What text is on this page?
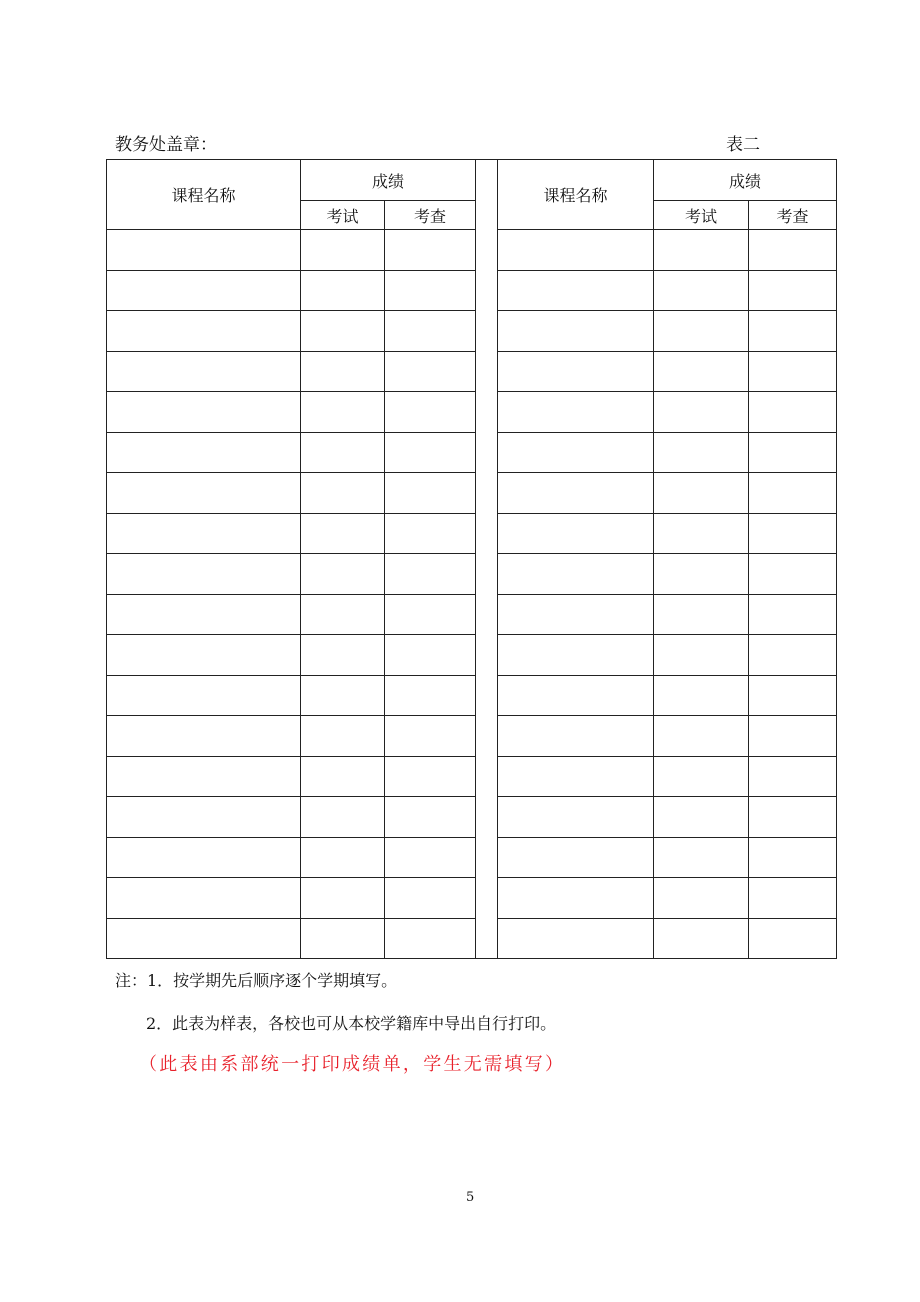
教务处盖章：	表二
课程名称	成绩			课程名称	成绩	
	考试	考查			考试	考查

注：1．按学期先后顺序逐个学期填写。
2．此表为样表，各校也可从本校学籍库中导出自行打印。
（此表由系部统一打印成绩单，学生无需填写）
5
